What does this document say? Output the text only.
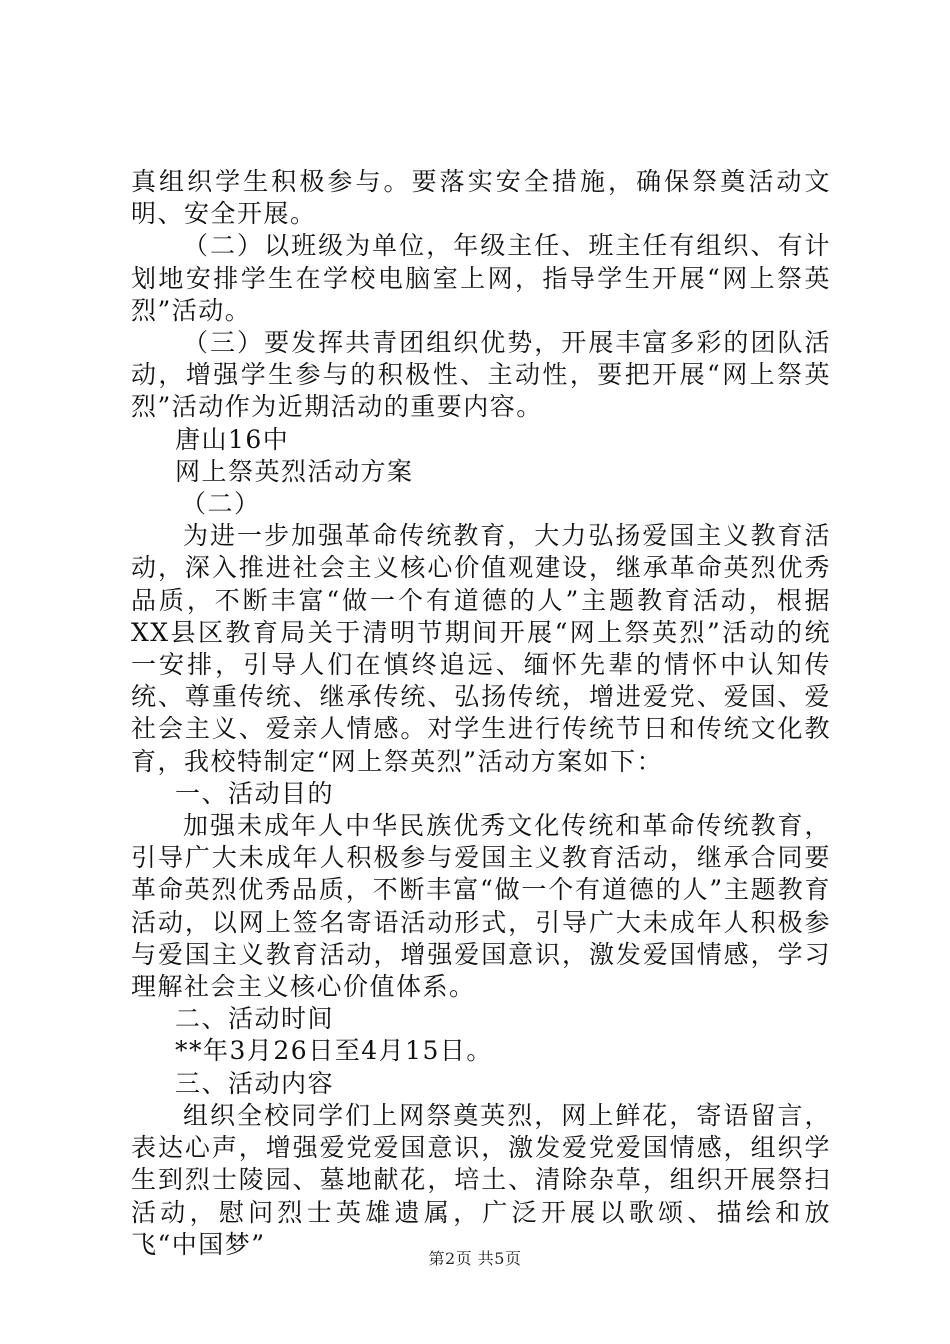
真组织学生积极参与。要落实安全措施，确保祭奠活动文明、安全开展。

（二）以班级为单位，年级主任、班主任有组织、有计划地安排学生在学校电脑室上网，指导学生开展“网上祭英烈”活动。

（三）要发挥共青团组织优势，开展丰富多彩的团队活动，增强学生参与的积极性、主动性，要把开展“网上祭英烈”活动作为近期活动的重要内容。

唐山16中

网上祭英烈活动方案

（二）

为进一步加强革命传统教育，大力弘扬爱国主义教育活动，深入推进社会主义核心价值观建设，继承革命英烈优秀品质，不断丰富“做一个有道德的人”主题教育活动，根据XX县区教育局关于清明节期间开展“网上祭英烈”活动的统一安排，引导人们在慎终追远、缅怀先辈的情怀中认知传统、尊重传统、继承传统、弘扬传统，增进爱党、爱国、爱社会主义、爱亲人情感。对学生进行传统节日和传统文化教育，我校特制定“网上祭英烈”活动方案如下：

一、活动目的

加强未成年人中华民族优秀文化传统和革命传统教育，引导广大未成年人积极参与爱国主义教育活动，继承合同要革命英烈优秀品质，不断丰富“做一个有道德的人”主题教育活动，以网上签名寄语活动形式，引导广大未成年人积极参与爱国主义教育活动，增强爱国意识，激发爱国情感，学习理解社会主义核心价值体系。

二、活动时间

**年3月26日至4月15日。

三、活动内容

组织全校同学们上网祭奠英烈，网上鲜花，寄语留言，表达心声，增强爱党爱国意识，激发爱党爱国情感，组织学生到烈士陵园、墓地献花，培土、清除杂草，组织开展祭扫活动，慰问烈士英雄遗属，广泛开展以歌颂、描绘和放飞“中国梦”	第2页 共5页
